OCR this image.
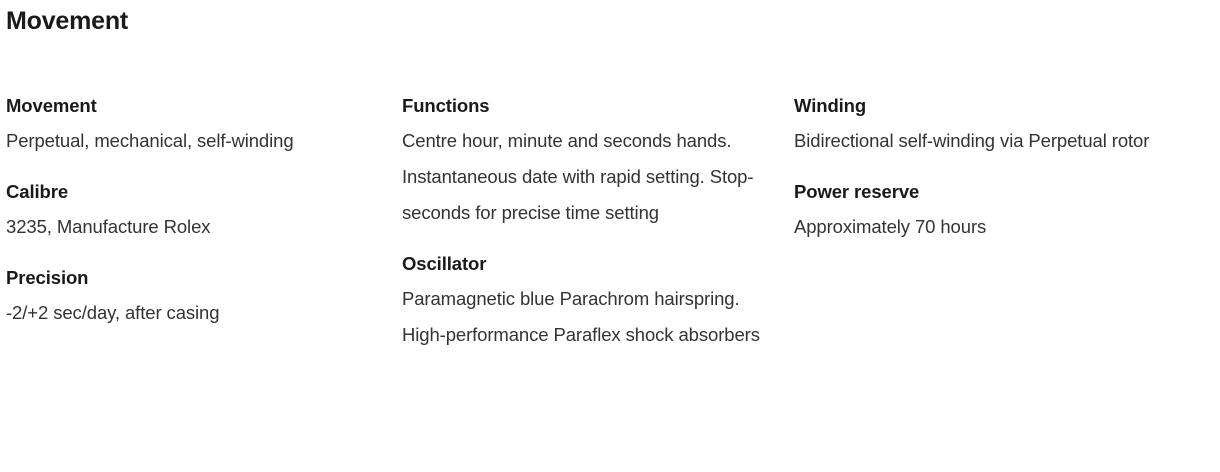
Movement
Movement
Perpetual, mechanical, self-winding
Calibre
3235, Manufacture Rolex
Precision
-2/+2 sec/day, after casing
Functions
Centre hour, minute and seconds hands. Instantaneous date with rapid setting. Stop-seconds for precise time setting
Oscillator
Paramagnetic blue Parachrom hairspring. High-performance Paraflex shock absorbers
Winding
Bidirectional self-winding via Perpetual rotor
Power reserve
Approximately 70 hours
